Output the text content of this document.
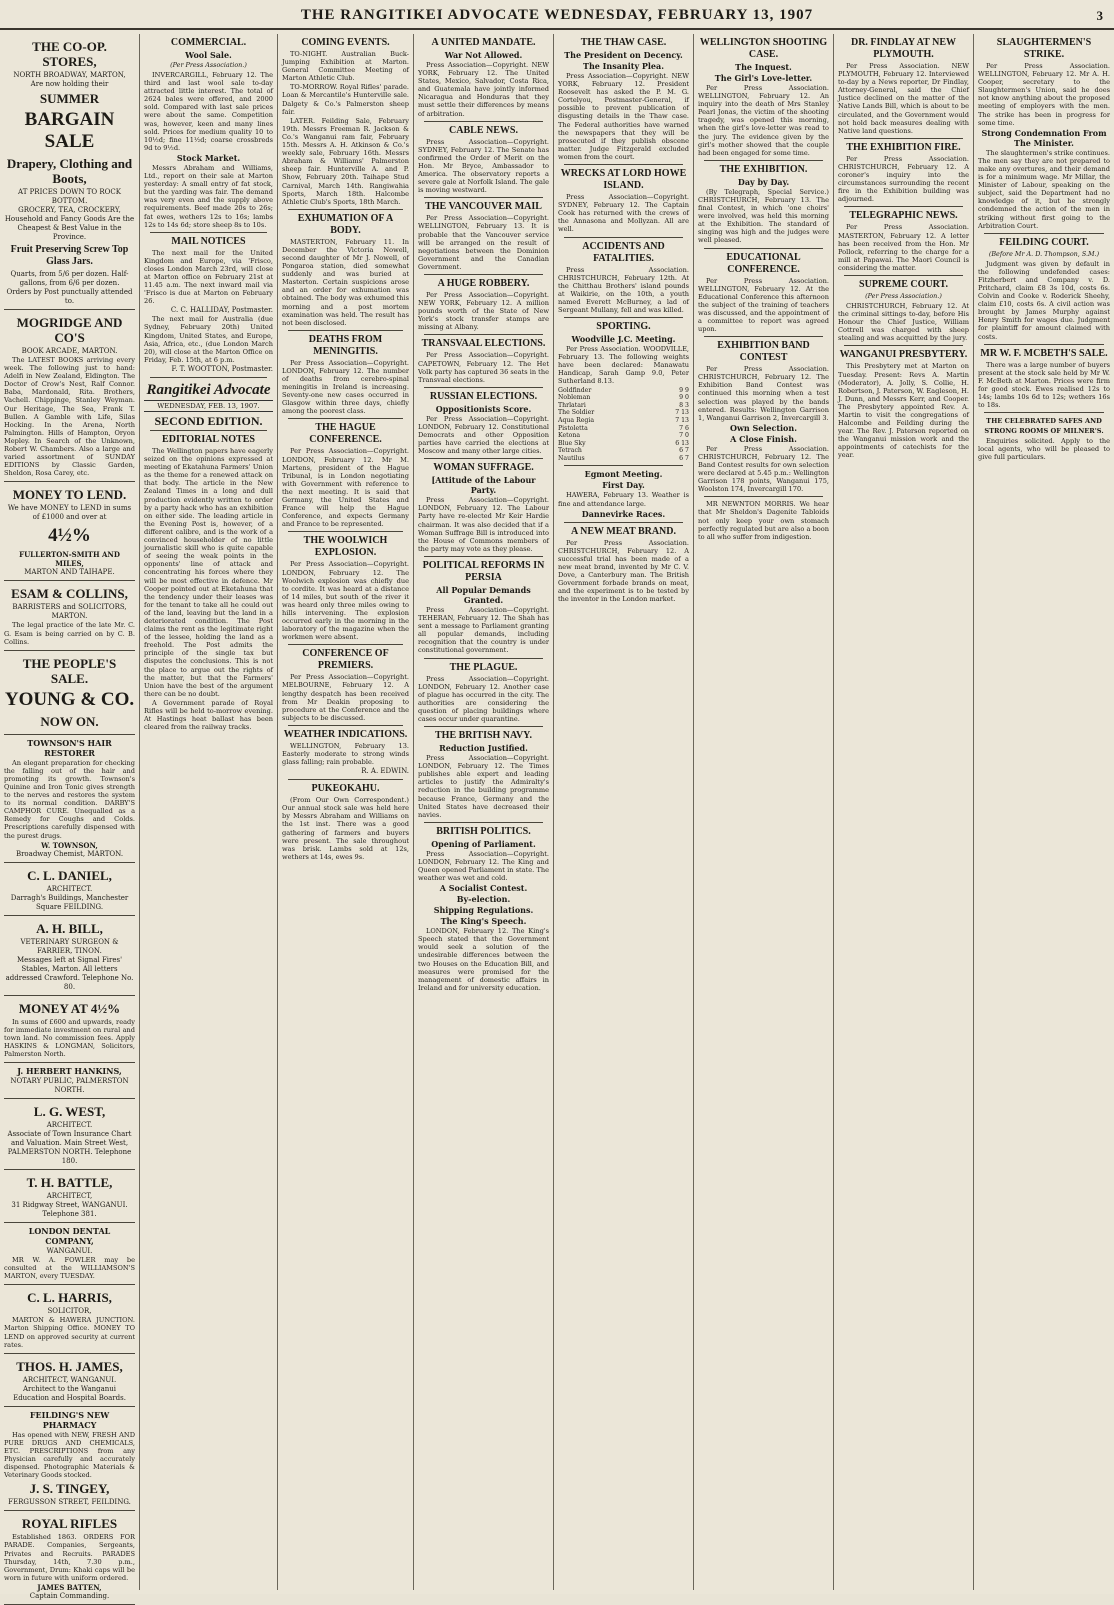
THE RANGITIKEI ADVOCATE WEDNESDAY, FEBRUARY 13, 1907	3
THE CO-OP. STORES,
NORTH BROADWAY, MARTON,
Are now holding their
SUMMER
BARGAIN SALE
Drapery, Clothing and Boots,
AT PRICES DOWN TO ROCK BOTTOM.
GROCERY, TEA, CROCKERY, Household and Fancy Goods Are the Cheapest & Best Value in the Province.
Fruit Preserving Screw Top Glass Jars.
Quarts, from 5/6 per dozen. Half-gallons, from 6/6 per dozen.
Orders by Post punctually attended to.
MOGRIDGE AND CO'S
BOOK ARCADE, MARTON.
The LATEST BOOKS arriving every week. The following just to hand: Adelfi in New Zealand, Eldington. The Doctor of Crow's Nest, Ralf Connor. Baba, Mardonald, Rita. Brothers, Vachell. Chippinge, Stanley Weyman. Our Heritage, The Sea, Frank T. Bullen. A Gamble with Life, Silas Hocking. In the Arena, North Palmington. Hills of Hampton, Oryon Mepley. In Search of the Unknown, Robert W. Chambers. Also a large and varied assortment of SUNDAY EDITIONS by Classic Garden, Sheldon, Rosa Carey, etc.
MONEY TO LEND.
We have MONEY to LEND in sums of £1000 and over at
4½%
FULLERTON-SMITH AND MILES,
MARTON AND TAIHAPE.
ESAM & COLLINS,
BARRISTERS and SOLICITORS, MARTON.
The legal practice of the late Mr. C. G. Esam is being carried on by C. B. Collins.
THE PEOPLE'S SALE.
YOUNG & CO.
NOW ON.
TOWNSON'S HAIR RESTORER
An elegant preparation for checking the falling out of the hair and promoting its growth. Townson's Quinine and Iron Tonic gives strength to the nerves and restores the system to its normal condition. DARBY'S CAMPHOR CURE. Unequalled as a Remedy for Coughs and Colds. Prescriptions carefully dispensed with the purest drugs.
W. TOWNSON,
Broadway Chemist, MARTON.
C. L. DANIEL,
ARCHITECT.
Darragh's Buildings, Manchester Square FEILDING.
A. H. BILL,
VETERINARY SURGEON & FARRIER, TINON.
Messages left at Signal Fires' Stables, Marton. All letters addressed Crawford. Telephone No. 80.
MONEY AT 4½%
In sums of £600 and upwards, ready for immediate investment on rural and town land. No commission fees. Apply HASKINS & LONGMAN, Solicitors, Palmerston North.
J. HERBERT HANKINS,
NOTARY PUBLIC, PALMERSTON NORTH.
L. G. WEST,
ARCHITECT.
Associate of Town Insurance Chart and Valuation. Main Street West, PALMERSTON NORTH. Telephone 180.
T. H. BATTLE,
ARCHITECT,
31 Ridgway Street, WANGANUI. Telephone 381.
LONDON DENTAL COMPANY,
WANGANUI.
MR W. A. FOWLER may be consulted at the WILLIAMSON'S MARTON, every TUESDAY.
C. L. HARRIS,
SOLICITOR,
MARTON & HAWERA JUNCTION. Marton Shipping Office. MONEY TO LEND on approved security at current rates.
THOS. H. JAMES,
ARCHITECT, WANGANUI.
Architect to the Wanganui Education and Hospital Boards.
FEILDING'S NEW PHARMACY
Has opened with NEW, FRESH AND PURE DRUGS AND CHEMICALS, ETC. PRESCRIPTIONS from any Physician carefully and accurately dispensed. Photographic Materials & Veterinary Goods stocked.
J. S. TINGEY,
FERGUSSON STREET, FEILDING.
ROYAL RIFLES
Established 1863. ORDERS FOR PARADE. Companies, Sergeants, Privates and Recruits. PARADES Thursday, 14th, 7.30 p.m., Government, Drum: Khaki caps will be worn in future with uniform ordered.
JAMES BATTEN,
Captain Commanding.
COMMERCIAL.
Wool Sale.
(Per Press Association.)
INVERCARGILL, February 12. The third and last wool sale to-day attracted little interest. The total of 2624 bales were offered, and 2000 sold. Compared with last sale prices were about the same. Competition was, however, keen and many lines sold. Prices for medium quality 10 to 10½d; fine 11½d; coarse crossbreds 9d to 9½d.
Stock Market.
Messrs Abraham and Williams, Ltd., report on their sale at Marton yesterday: A small entry of fat stock, but the yarding was fair. The demand was very even and the supply above requirements. Beef made 20s to 26s; fat ewes, wethers 12s to 16s; lambs 12s to 14s 6d; store sheep 8s to 10s.
MAIL NOTICES
The next mail for the United Kingdom and Europe, via 'Frisco, closes London March 23rd, will close at Marton office on February 21st at 11.45 a.m. The next inward mail via 'Frisco is due at Marton on February 26.
C. C. HALLIDAY, Postmaster.
The next mail for Australia (due Sydney, February 20th) United Kingdom, United States, and Europe, Asia, Africa, etc., (due London March 20), will close at the Marton Office on Friday, Feb. 15th, at 6 p.m.
F. T. WOOTTON, Postmaster.
Rangitikei Advocate
WEDNESDAY, FEB. 13, 1907.
SECOND EDITION.
EDITORIAL NOTES
The Wellington papers have eagerly seized on the opinions expressed at meeting of Ekatahuna Farmers' Union as the theme for a renewed attack on that body. The article in the New Zealand Times in a long and dull production evidently written to order by a party hack who has an exhibition on either side. The leading article in the Evening Post is, however, of a different calibre, and is the work of a convinced householder of no little journalistic skill who is quite capable of seeing the weak points in the opponents' line of attack and concentrating his forces where they will be most effective in defence. Mr Cooper pointed out at Eketahuna that the tendency under their leases was for the tenant to take all he could out of the land, leaving but the land in a deteriorated condition. The Post claims the rent as the legitimate right of the lessee, holding the land as a freehold. The Post admits the principle of the single tax but disputes the conclusions. This is not the place to argue out the rights of the matter, but that the Farmers' Union have the best of the argument there can be no doubt.
A Government parade of Royal Rifles will be held to-morrow evening. At Hastings heat ballast has been cleared from the railway tracks.
COMING EVENTS.
TO-NIGHT. Australian Buck-Jumping Exhibition at Marton. General Committee Meeting of Marton Athletic Club.
TO-MORROW. Royal Rifles' parade. Loan & Mercantile's Hunterville sale. Dalgety & Co.'s Palmerston sheep fair.
LATER. Feilding Sale, February 19th. Messrs Freeman R. Jackson & Co.'s Wanganui ram fair, February 15th. Messrs A. H. Atkinson & Co.'s weekly sale, February 16th. Messrs Abraham & Williams' Palmerston sheep fair. Hunterville A. and P. Show, February 20th. Taihape Stud Carnival, March 14th. Rangiwahia Sports, March 18th. Halcombe Athletic Club's Sports, 18th March.
EXHUMATION OF A BODY.
MASTERTON, February 11. In December the Victoria Nowell, second daughter of Mr J. Nowell, of Pongaroa station, died somewhat suddenly and was buried at Masterton. Certain suspicions arose and an order for exhumation was obtained. The body was exhumed this morning and a post mortem examination was held. The result has not been disclosed.
DEATHS FROM MENINGITIS.
Per Press Association—Copyright. LONDON, February 12. The number of deaths from cerebro-spinal meningitis in Ireland is increasing. Seventy-one new cases occurred in Glasgow within three days, chiefly among the poorest class.
THE HAGUE CONFERENCE.
Per Press Association—Copyright. LONDON, February 12. Mr M. Martens, president of the Hague Tribunal, is in London negotiating with Government with reference to the next meeting. It is said that Germany, the United States and France will help the Hague Conference, and expects Germany and France to be represented.
THE WOOLWICH EXPLOSION.
Per Press Association—Copyright. LONDON, February 12. The Woolwich explosion was chiefly due to cordite. It was heard at a distance of 14 miles, but south of the river it was heard only three miles owing to hills intervening. The explosion occurred early in the morning in the laboratory of the magazine when the workmen were absent.
CONFERENCE OF PREMIERS.
Per Press Association—Copyright. MELBOURNE, February 12. A lengthy despatch has been received from Mr Deakin proposing to procedure at the Conference and the subjects to be discussed.
WEATHER INDICATIONS.
WELLINGTON, February 13. Easterly moderate to strong winds glass falling; rain probable.
R. A. EDWIN.
PUKEOKAHU.
(From Our Own Correspondent.) Our annual stock sale was held here by Messrs Abraham and Williams on the 1st inst. There was a good gathering of farmers and buyers were present. The sale throughout was brisk. Lambs sold at 12s, wethers at 14s, ewes 9s.
A UNITED MANDATE.
War Not Allowed.
Press Association—Copyright. NEW YORK, February 12. The United States, Mexico, Salvador, Costa Rica, and Guatemala have jointly informed Nicaragua and Honduras that they must settle their differences by means of arbitration.
CABLE NEWS.
Press Association—Copyright. SYDNEY, February 12. The Senate has confirmed the Order of Merit on the Hon. Mr Bryce, Ambassador to America. The observatory reports a severe gale at Norfolk Island. The gale is moving westward.
THE VANCOUVER MAIL
Per Press Association—Copyright. WELLINGTON, February 13. It is probable that the Vancouver service will be arranged on the result of negotiations between the Dominion Government and the Canadian Government.
A HUGE ROBBERY.
Per Press Association—Copyright. NEW YORK, February 12. A million pounds worth of the State of New York's stock transfer stamps are missing at Albany.
TRANSVAAL ELECTIONS.
Per Press Association—Copyright. CAPETOWN, February 12. The Het Volk party has captured 36 seats in the Transvaal elections.
RUSSIAN ELECTIONS.
Oppositionists Score.
Per Press Association—Copyright. LONDON, February 12. Constitutional Democrats and other Opposition parties have carried the elections at Moscow and many other large cities.
WOMAN SUFFRAGE.
[Attitude of the Labour Party.
Press Association—Copyright. LONDON, February 12. The Labour Party have re-elected Mr Keir Hardie chairman. It was also decided that if a Woman Suffrage Bill is introduced into the House of Commons members of the party may vote as they please.
POLITICAL REFORMS IN PERSIA
All Popular Demands Granted.
Press Association—Copyright. TEHERAN, February 12. The Shah has sent a message to Parliament granting all popular demands, including recognition that the country is under constitutional government.
THE PLAGUE.
Press Association—Copyright. LONDON, February 12. Another case of plague has occurred in the city. The authorities are considering the question of placing buildings where cases occur under quarantine.
THE BRITISH NAVY.
Reduction Justified.
Press Association—Copyright. LONDON, February 12. The Times publishes able expert and leading articles to justify the Admiralty's reduction in the building programme because France, Germany and the United States have decreased their navies.
BRITISH POLITICS.
Opening of Parliament.
Press Association—Copyright. LONDON, February 12. The King and Queen opened Parliament in state. The weather was wet and cold.
A Socialist Contest.
By-election.
Shipping Regulations.
The King's Speech.
LONDON, February 12. The King's Speech stated that the Government would seek a solution of the undesirable differences between the two Houses on the Education Bill, and measures were promised for the management of domestic affairs in Ireland and for university education.
THE THAW CASE.
The President on Decency.
The Insanity Plea.
Press Association—Copyright. NEW YORK, February 12. President Roosevelt has asked the P. M. G. Cortelyou, Postmaster-General, if possible to prevent publication of disgusting details in the Thaw case. The Federal authorities have warned the newspapers that they will be prosecuted if they publish obscene matter. Judge Fitzgerald excluded women from the court.
WRECKS AT LORD HOWE ISLAND.
Press Association—Copyright. SYDNEY, February 12. The Captain Cook has returned with the crews of the Annasona and Mollyzan. All are well.
ACCIDENTS AND FATALITIES.
Press Association. CHRISTCHURCH, February 12th. At the Chitthau Brothers' island pounds at Waikirie, on the 10th, a youth named Everett McBurney, a lad of Sergeant Mullany, fell and was killed.
SPORTING.
Woodville J.C. Meeting.
Per Press Association. WOODVILLE, February 13. The following weights have been declared: Manawatu Handicap, Sarah Gamp 9.0, Peter Sutherland 8.13.
Goldfinder	9 9
Nobleman	9 0
Thrlatari	8 3
The Soldier	7 13
Aqua Regia	7 13
Pistoletta	7 6
Ketona	7 0
Blue Sky	6 13
Tetrach	6 7
Nautilus	6 7
Egmont Meeting.
First Day.
HAWERA, February 13. Weather is fine and attendance large.
Dannevirke Races.
A NEW MEAT BRAND.
Per Press Association. CHRISTCHURCH, February 12. A successful trial has been made of a new meat brand, invented by Mr C. V. Dove, a Canterbury man. The British Government forbade brands on meat, and the experiment is to be tested by the inventor in the London market.
WELLINGTON SHOOTING CASE.
The Inquest.
The Girl's Love-letter.
Per Press Association. WELLINGTON, February 12. An inquiry into the death of Mrs Stanley Pearl Jonas, the victim of the shooting tragedy, was opened this morning, when the girl's love-letter was read to the jury. The evidence given by the girl's mother showed that the couple had been engaged for some time.
THE EXHIBITION.
Day by Day.
(By Telegraph, Special Service.) CHRISTCHURCH, February 13. The final Contest, in which 'one choirs' were involved, was held this morning at the Exhibition. The standard of singing was high and the judges were well pleased.
EDUCATIONAL CONFERENCE.
Per Press Association. WELLINGTON, February 12. At the Educational Conference this afternoon the subject of the training of teachers was discussed, and the appointment of a committee to report was agreed upon.
EXHIBITION BAND CONTEST
Per Press Association. CHRISTCHURCH, February 12. The Exhibition Band Contest was continued this morning when a test selection was played by the bands entered. Results: Wellington Garrison 1, Wanganui Garrison 2, Invercargill 3.
Own Selection.
A Close Finish.
Per Press Association. CHRISTCHURCH, February 12. The Band Contest results for own selection were declared at 5.45 p.m.: Wellington Garrison 178 points, Wanganui 175, Woolston 174, Invercargill 170.
MR NEWNTON MORRIS. We hear that Mr Sheldon's Dagenite Tabloids not only keep your own stomach perfectly regulated but are also a boon to all who suffer from indigestion.
DR. FINDLAY AT NEW PLYMOUTH.
Per Press Association. NEW PLYMOUTH, February 12. Interviewed to-day by a News reporter, Dr Findlay, Attorney-General, said the Chief Justice declined on the matter of the Native Lands Bill, which is about to be circulated, and the Government would not hold back measures dealing with Native land questions.
THE EXHIBITION FIRE.
Per Press Association. CHRISTCHURCH, February 12. A coroner's inquiry into the circumstances surrounding the recent fire in the Exhibition building was adjourned.
TELEGRAPHIC NEWS.
Per Press Association. MASTERTON, February 12. A letter has been received from the Hon. Mr Pollock, referring to the charge for a mill at Papawai. The Maori Council is considering the matter.
SUPREME COURT.
(Per Press Association.)
CHRISTCHURCH, February 12. At the criminal sittings to-day, before His Honour the Chief Justice, William Cottrell was charged with sheep stealing and was acquitted by the jury.
WANGANUI PRESBYTERY.
This Presbytery met at Marton on Tuesday. Present: Revs A. Martin (Moderator), A. Jolly, S. Collie, H. Robertson, J. Paterson, W. Eagleson, H. J. Dunn, and Messrs Kerr, and Cooper. The Presbytery appointed Rev. A. Martin to visit the congregations of Halcombe and Feilding during the year. The Rev. J. Paterson reported on the Wanganui mission work and the appointments of catechists for the year.
SLAUGHTERMEN'S STRIKE.
Per Press Association. WELLINGTON, February 12. Mr A. H. Cooper, secretary to the Slaughtermen's Union, said he does not know anything about the proposed meeting of employers with the men. The strike has been in progress for some time.
Strong Condemnation From The Minister.
The slaughtermen's strike continues. The men say they are not prepared to make any overtures, and their demand is for a minimum wage. Mr Millar, the Minister of Labour, speaking on the subject, said the Department had no knowledge of it, but he strongly condemned the action of the men in striking without first going to the Arbitration Court.
FEILDING COURT.
(Before Mr A. D. Thompson, S.M.)
Judgment was given by default in the following undefended cases: Fitzherbert and Company v. D. Pritchard, claim £8 3s 10d, costs 6s. Colvin and Cooke v. Roderick Sheehy, claim £10, costs 6s. A civil action was brought by James Murphy against Henry Smith for wages due. Judgment for plaintiff for amount claimed with costs.
MR W. F. MCBETH'S SALE.
There was a large number of buyers present at the stock sale held by Mr W. F. McBeth at Marton. Prices were firm for good stock. Ewes realised 12s to 14s; lambs 10s 6d to 12s; wethers 16s to 18s.
THE CELEBRATED SAFES AND STRONG ROOMS OF MILNER'S.
Enquiries solicited. Apply to the local agents, who will be pleased to give full particulars.
